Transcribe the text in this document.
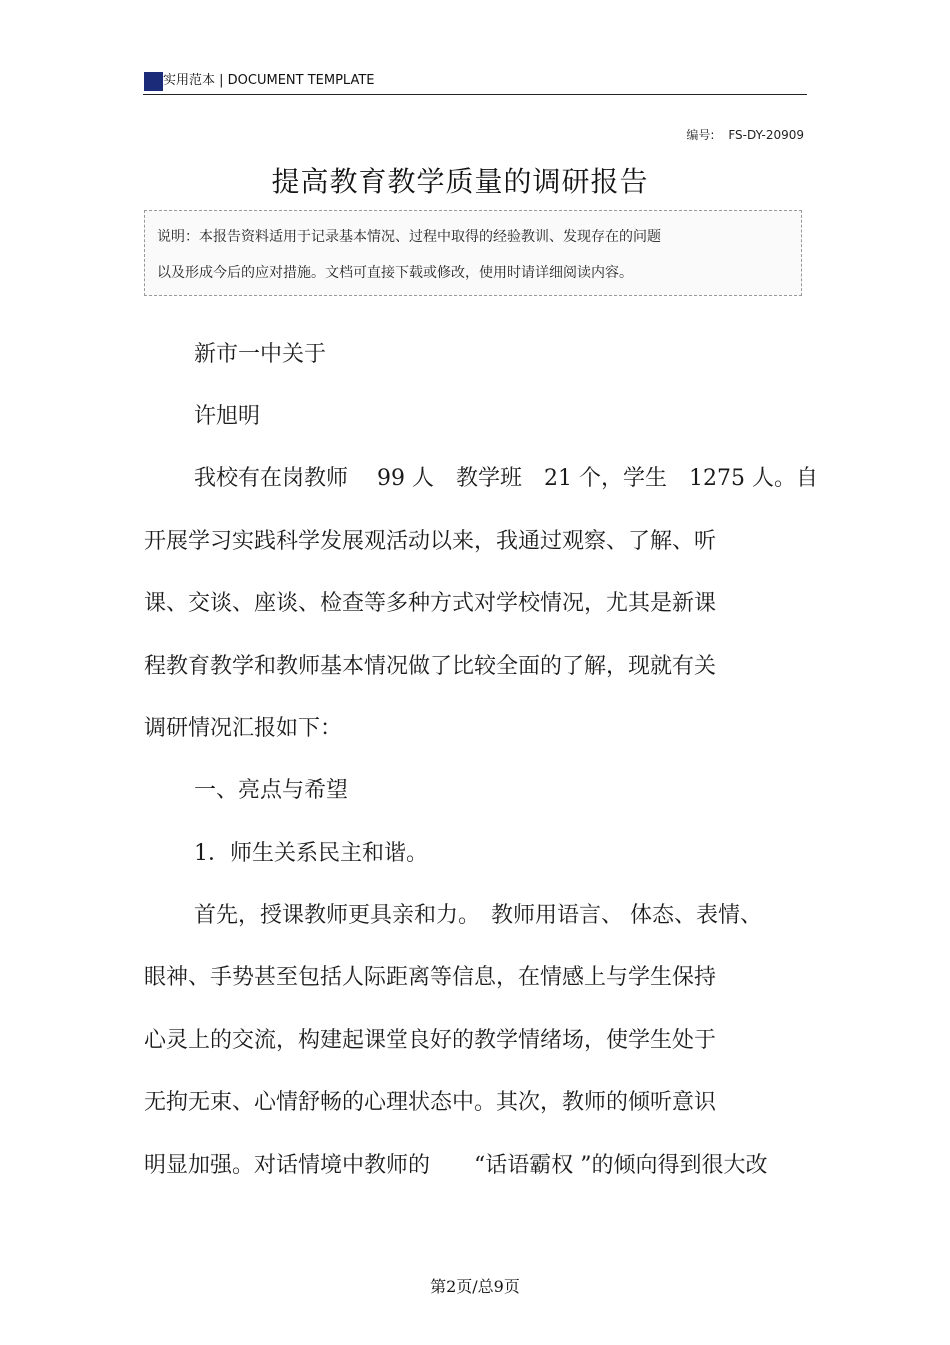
实用范本 | DOCUMENT TEMPLATE
编号: FS-DY-20909
提高教育教学质量的调研报告
说明：本报告资料适用于记录基本情况、过程中取得的经验教训、发现存在的问题
以及形成今后的应对措施。文档可直接下载或修改，使用时请详细阅读内容。
新市一中关于
许旭明
我校有在岗教师　 99 人　教学班　21 个，学生　1275 人。自
开展学习实践科学发展观活动以来，我通过观察、了解、听
课、交谈、座谈、检查等多种方式对学校情况，尤其是新课
程教育教学和教师基本情况做了比较全面的了解，现就有关
调研情况汇报如下：
一、亮点与希望
1．师生关系民主和谐。
首先，授课教师更具亲和力。　教师用语言、 体态、表情、
眼神、手势甚至包括人际距离等信息，在情感上与学生保持
心灵上的交流，构建起课堂良好的教学情绪场，使学生处于
无拘无束、心情舒畅的心理状态中。其次，教师的倾听意识
明显加强。对话情境中教师的　　“话语霸权 ”的倾向得到很大改
第2页/总9页
